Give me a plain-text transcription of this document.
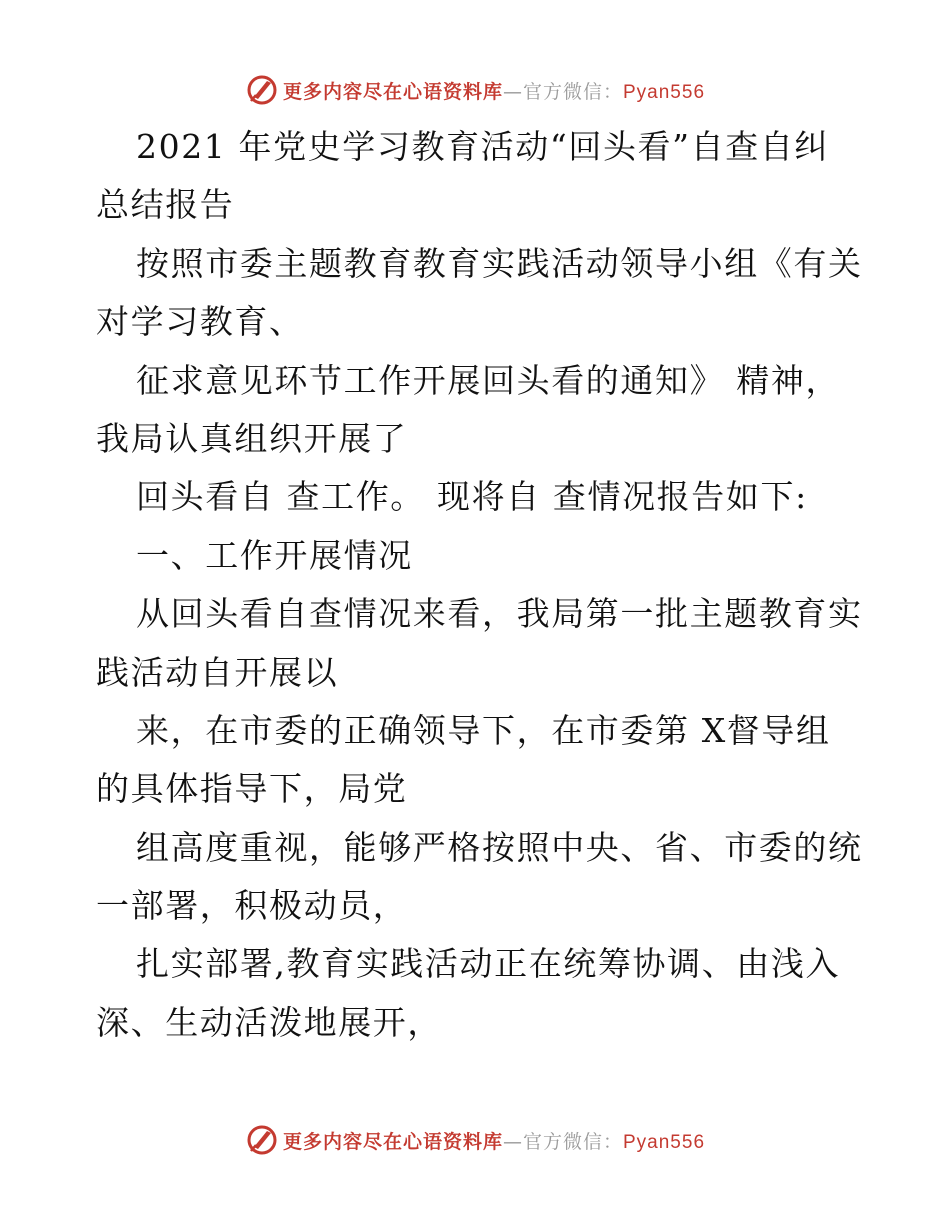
更多内容尽在心语资料库—官方微信：Pyan556
2021 年党史学习教育活动“回头看”自查自纠
总结报告
按照市委主题教育教育实践活动领导小组《有关
对学习教育、
征求意见环节工作开展回头看的通知》 精神，
我局认真组织开展了
回头看自 查工作。 现将自 查情况报告如下:
一、工作开展情况
从回头看自查情况来看，我局第一批主题教育实
践活动自开展以
来，在市委的正确领导下，在市委第 X督导组
的具体指导下，局党
组高度重视，能够严格按照中央、省、市委的统
一部署，积极动员，
扎实部署,教育实践活动正在统筹协调、由浅入
深、生动活泼地展开，
更多内容尽在心语资料库—官方微信：Pyan556
